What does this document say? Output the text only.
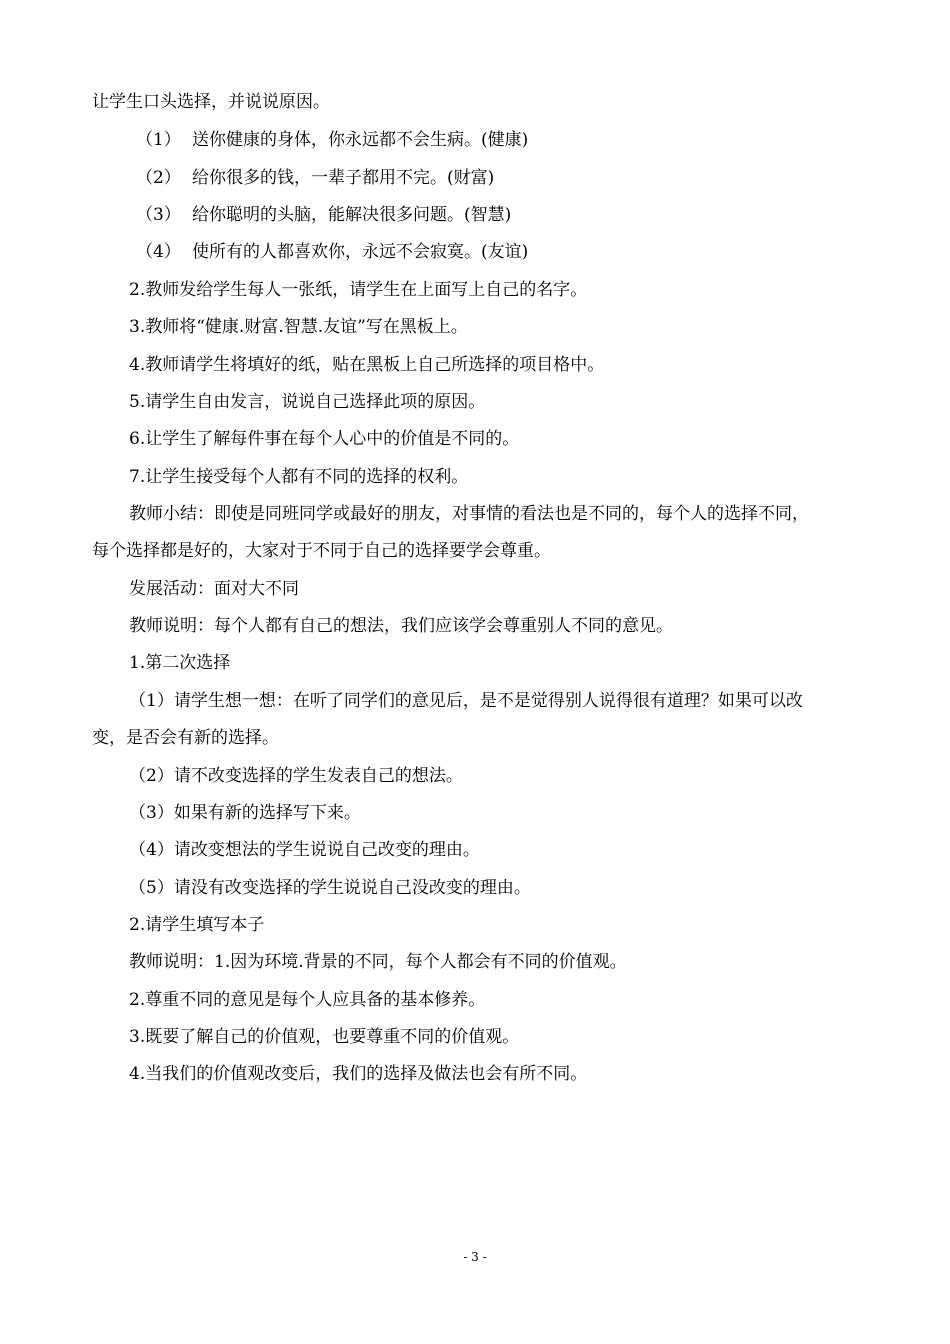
让学生口头选择，并说说原因。
（1） 送你健康的身体，你永远都不会生病。(健康)
（2） 给你很多的钱，一辈子都用不完。(财富)
（3） 给你聪明的头脑，能解决很多问题。(智慧)
（4） 使所有的人都喜欢你，永远不会寂寞。(友谊)
2.教师发给学生每人一张纸，请学生在上面写上自己的名字。
3.教师将“健康.财富.智慧.友谊”写在黑板上。
4.教师请学生将填好的纸，贴在黑板上自己所选择的项目格中。
5.请学生自由发言，说说自己选择此项的原因。
6.让学生了解每件事在每个人心中的价值是不同的。
7.让学生接受每个人都有不同的选择的权利。
教师小结：即使是同班同学或最好的朋友，对事情的看法也是不同的，每个人的选择不同，
每个选择都是好的，大家对于不同于自己的选择要学会尊重。
发展活动：面对大不同
教师说明：每个人都有自己的想法，我们应该学会尊重别人不同的意见。
1.第二次选择
（1）请学生想一想：在听了同学们的意见后，是不是觉得别人说得很有道理？如果可以改
变，是否会有新的选择。
（2）请不改变选择的学生发表自己的想法。
（3）如果有新的选择写下来。
（4）请改变想法的学生说说自己改变的理由。
（5）请没有改变选择的学生说说自己没改变的理由。
2.请学生填写本子
教师说明：1.因为环境.背景的不同，每个人都会有不同的价值观。
2.尊重不同的意见是每个人应具备的基本修养。
3.既要了解自己的价值观，也要尊重不同的价值观。
4.当我们的价值观改变后，我们的选择及做法也会有所不同。
- 3 -
